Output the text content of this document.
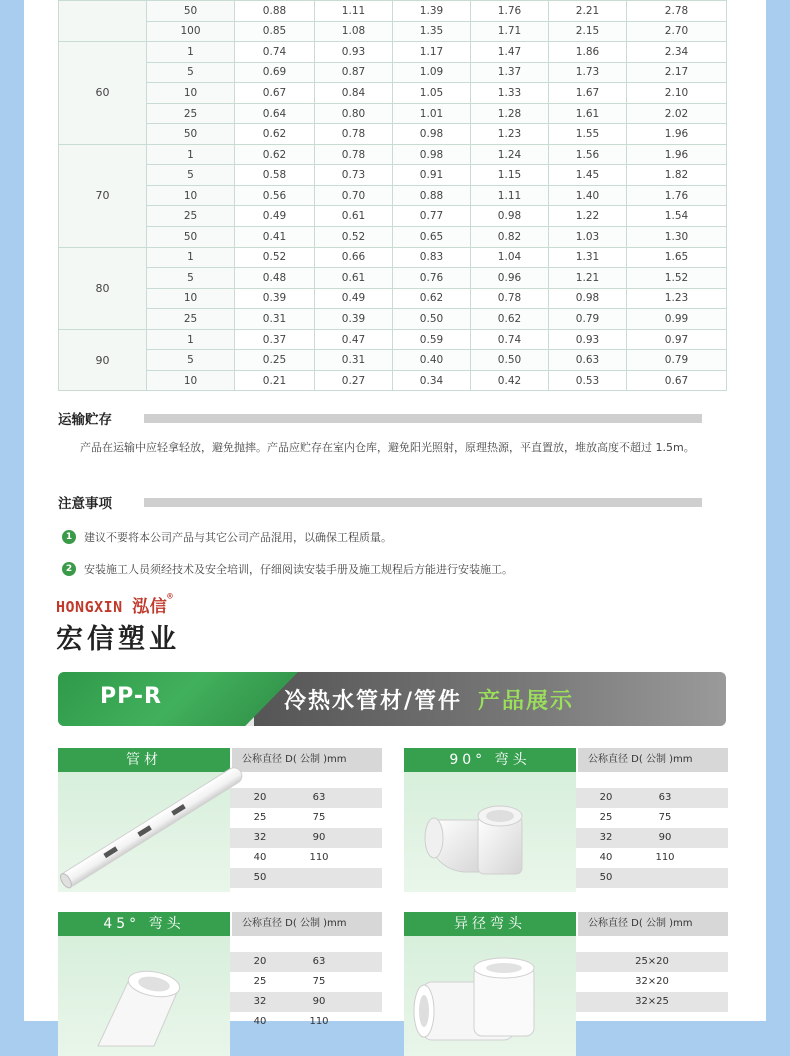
	50	0.88	1.11	1.39	1.76	2.21	2.78
	100	0.85	1.08	1.35	1.71	2.15	2.70
60	1	0.74	0.93	1.17	1.47	1.86	2.34
	5	0.69	0.87	1.09	1.37	1.73	2.17
	10	0.67	0.84	1.05	1.33	1.67	2.10
	25	0.64	0.80	1.01	1.28	1.61	2.02
	50	0.62	0.78	0.98	1.23	1.55	1.96
70	1	0.62	0.78	0.98	1.24	1.56	1.96
	5	0.58	0.73	0.91	1.15	1.45	1.82
	10	0.56	0.70	0.88	1.11	1.40	1.76
	25	0.49	0.61	0.77	0.98	1.22	1.54
	50	0.41	0.52	0.65	0.82	1.03	1.30
80	1	0.52	0.66	0.83	1.04	1.31	1.65
	5	0.48	0.61	0.76	0.96	1.21	1.52
	10	0.39	0.49	0.62	0.78	0.98	1.23
	25	0.31	0.39	0.50	0.62	0.79	0.99
90	1	0.37	0.47	0.59	0.74	0.93	0.97
	5	0.25	0.31	0.40	0.50	0.63	0.79
	10	0.21	0.27	0.34	0.42	0.53	0.67
运输贮存

产品在运输中应轻拿轻放，避免抛摔。产品应贮存在室内仓库，避免阳光照射，原理热源，平直置放，堆放高度不超过 1.5m。

注意事项
1	建议不要将本公司产品与其它公司产品混用，以确保工程质量。
2	安装施工人员须经技术及安全培训，仔细阅读安装手册及施工规程后方能进行安装施工。
HONGXIN 泓信®
宏信塑业
PP-R	冷热水管材/管件 产品展示
管材	公称直径 D( 公制 )mm
20	63
25	75
32	90
40	110
50
90° 弯头	公称直径 D( 公制 )mm
20	63
25	75
32	90
40	110
50
45° 弯头	公称直径 D( 公制 )mm
20	63
25	75
32	90
40	110
异径弯头	公称直径 D( 公制 )mm
25×20
32×20
32×25
